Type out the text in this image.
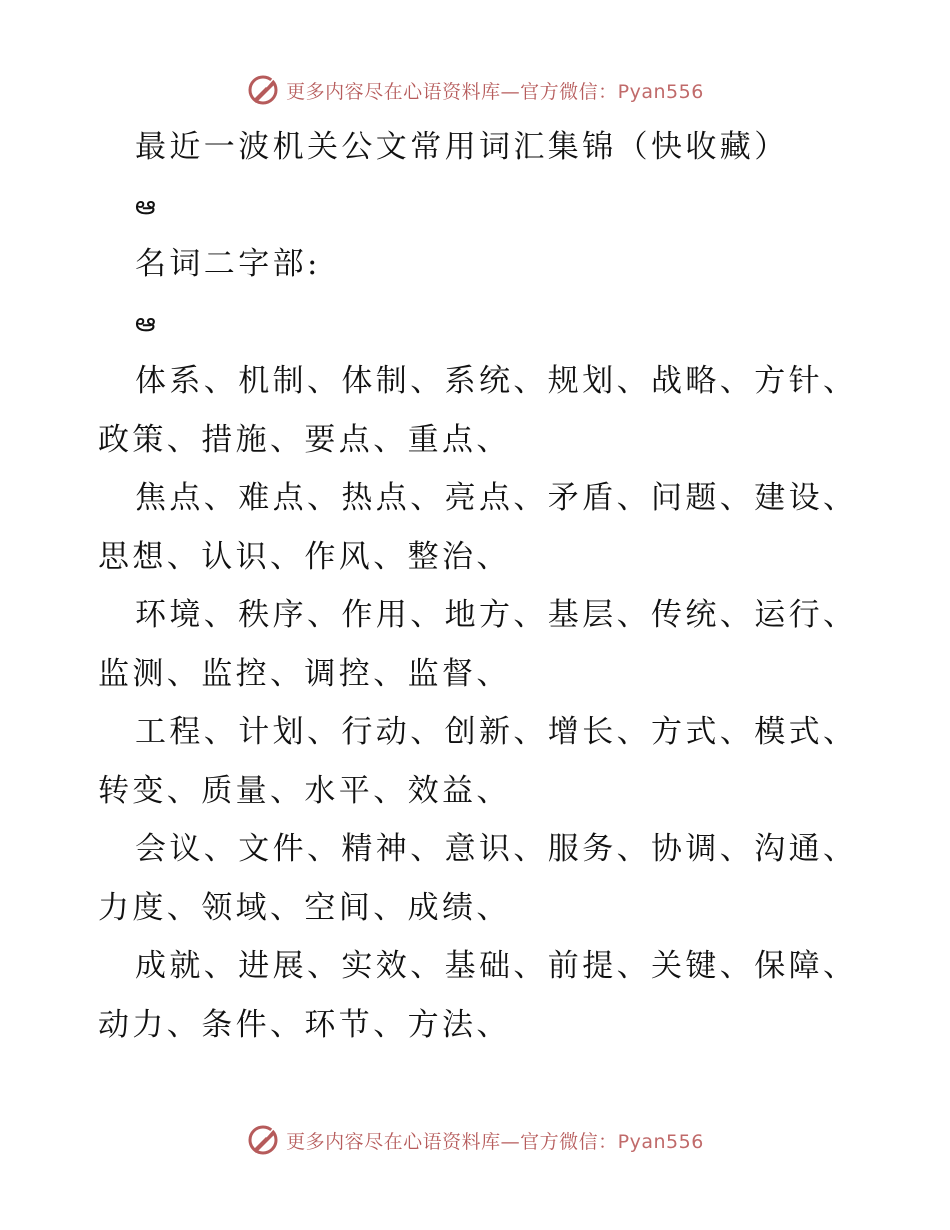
更多内容尽在心语资料库—官方微信：Pyan556
最近一波机关公文常用词汇集锦（快收藏）
ఆ
名词二字部:
ఆ
体系、机制、体制、系统、规划、战略、方针、
政策、措施、要点、重点、
焦点、难点、热点、亮点、矛盾、问题、建设、
思想、认识、作风、整治、
环境、秩序、作用、地方、基层、传统、运行、
监测、监控、调控、监督、
工程、计划、行动、创新、增长、方式、模式、
转变、质量、水平、效益、
会议、文件、精神、意识、服务、协调、沟通、
力度、领域、空间、成绩、
成就、进展、实效、基础、前提、关键、保障、
动力、条件、环节、方法、
更多内容尽在心语资料库—官方微信：Pyan556
